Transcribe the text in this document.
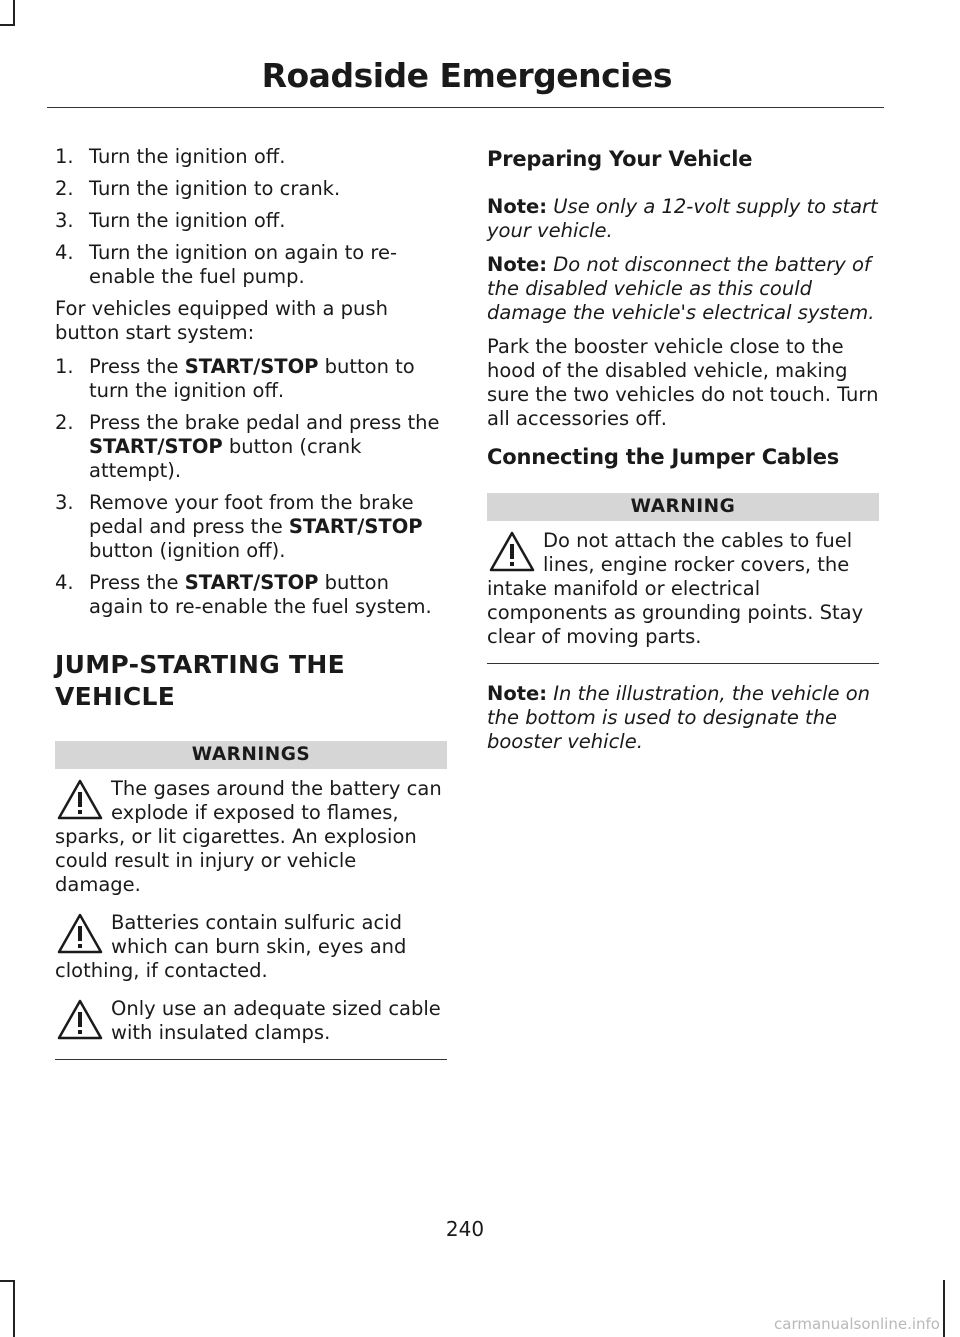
Roadside Emergencies
1. Turn the ignition off.
2. Turn the ignition to crank.
3. Turn the ignition off.
4. Turn the ignition on again to re-enable the fuel pump.

For vehicles equipped with a push button start system:

1. Press the START/STOP button to turn the ignition off.
2. Press the brake pedal and press the START/STOP button (crank attempt).
3. Remove your foot from the brake pedal and press the START/STOP button (ignition off).
4. Press the START/STOP button again to re-enable the fuel system.
JUMP-STARTING THE
VEHICLE
WARNINGS
The gases around the battery can explode if exposed to flames, sparks, or lit cigarettes. An explosion could result in injury or vehicle damage.
Batteries contain sulfuric acid which can burn skin, eyes and clothing, if contacted.
Only use an adequate sized cable with insulated clamps.
Preparing Your Vehicle

Note: Use only a 12-volt supply to start your vehicle.

Note: Do not disconnect the battery of the disabled vehicle as this could damage the vehicle's electrical system.

Park the booster vehicle close to the hood of the disabled vehicle, making sure the two vehicles do not touch. Turn all accessories off.

Connecting the Jumper Cables
WARNING
Do not attach the cables to fuel lines, engine rocker covers, the intake manifold or electrical components as grounding points. Stay clear of moving parts.

Note: In the illustration, the vehicle on the bottom is used to designate the booster vehicle.

240
carmanualsonline.info
